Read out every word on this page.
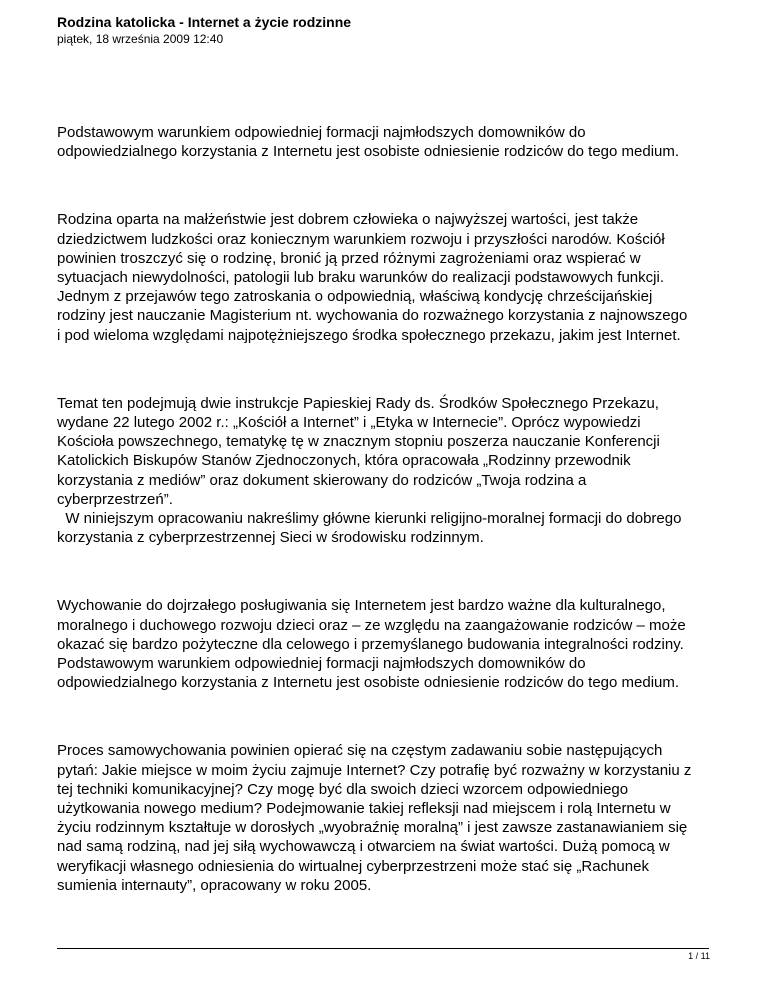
Rodzina katolicka - Internet a życie rodzinne

piątek, 18 września 2009 12:40

Podstawowym warunkiem odpowiedniej formacji najmłodszych domowników do
odpowiedzialnego korzystania z Internetu jest osobiste odniesienie rodziców do tego medium.

Rodzina oparta na małżeństwie jest dobrem człowieka o najwyższej wartości, jest także
dziedzictwem ludzkości oraz koniecznym warunkiem rozwoju i przyszłości narodów. Kościół
powinien troszczyć się o rodzinę, bronić ją przed różnymi zagrożeniami oraz wspierać w
sytuacjach niewydolności, patologii lub braku warunków do realizacji podstawowych funkcji.
Jednym z przejawów tego zatroskania o odpowiednią, właściwą kondycję chrześcijańskiej
rodziny jest nauczanie Magisterium nt. wychowania do rozważnego korzystania z najnowszego
i pod wieloma względami najpotężniejszego środka społecznego przekazu, jakim jest Internet.

Temat ten podejmują dwie instrukcje Papieskiej Rady ds. Środków Społecznego Przekazu,
wydane 22 lutego 2002 r.: „Kościół a Internet” i „Etyka w Internecie”. Oprócz wypowiedzi
Kościoła powszechnego, tematykę tę w znacznym stopniu poszerza nauczanie Konferencji
Katolickich Biskupów Stanów Zjednoczonych, która opracowała „Rodzinny przewodnik
korzystania z mediów” oraz dokument skierowany do rodziców „Twoja rodzina a
cyberprzestrzeń”.
W niniejszym opracowaniu nakreślimy główne kierunki religijno-moralnej formacji do dobrego
korzystania z cyberprzestrzennej Sieci w środowisku rodzinnym.

Wychowanie do dojrzałego posługiwania się Internetem jest bardzo ważne dla kulturalnego,
moralnego i duchowego rozwoju dzieci oraz – ze względu na zaangażowanie rodziców – może
okazać się bardzo pożyteczne dla celowego i przemyślanego budowania integralności rodziny.
Podstawowym warunkiem odpowiedniej formacji najmłodszych domowników do
odpowiedzialnego korzystania z Internetu jest osobiste odniesienie rodziców do tego medium.

Proces samowychowania powinien opierać się na częstym zadawaniu sobie następujących
pytań: Jakie miejsce w moim życiu zajmuje Internet? Czy potrafię być rozważny w korzystaniu z
tej techniki komunikacyjnej? Czy mogę być dla swoich dzieci wzorcem odpowiedniego
użytkowania nowego medium? Podejmowanie takiej refleksji nad miejscem i rolą Internetu w
życiu rodzinnym kształtuje w dorosłych „wyobraźnię moralną” i jest zawsze zastanawianiem się
nad samą rodziną, nad jej siłą wychowawczą i otwarciem na świat wartości. Dużą pomocą w
weryfikacji własnego odniesienia do wirtualnej cyberprzestrzeni może stać się „Rachunek
sumienia internauty”, opracowany w roku 2005.

1 / 11
